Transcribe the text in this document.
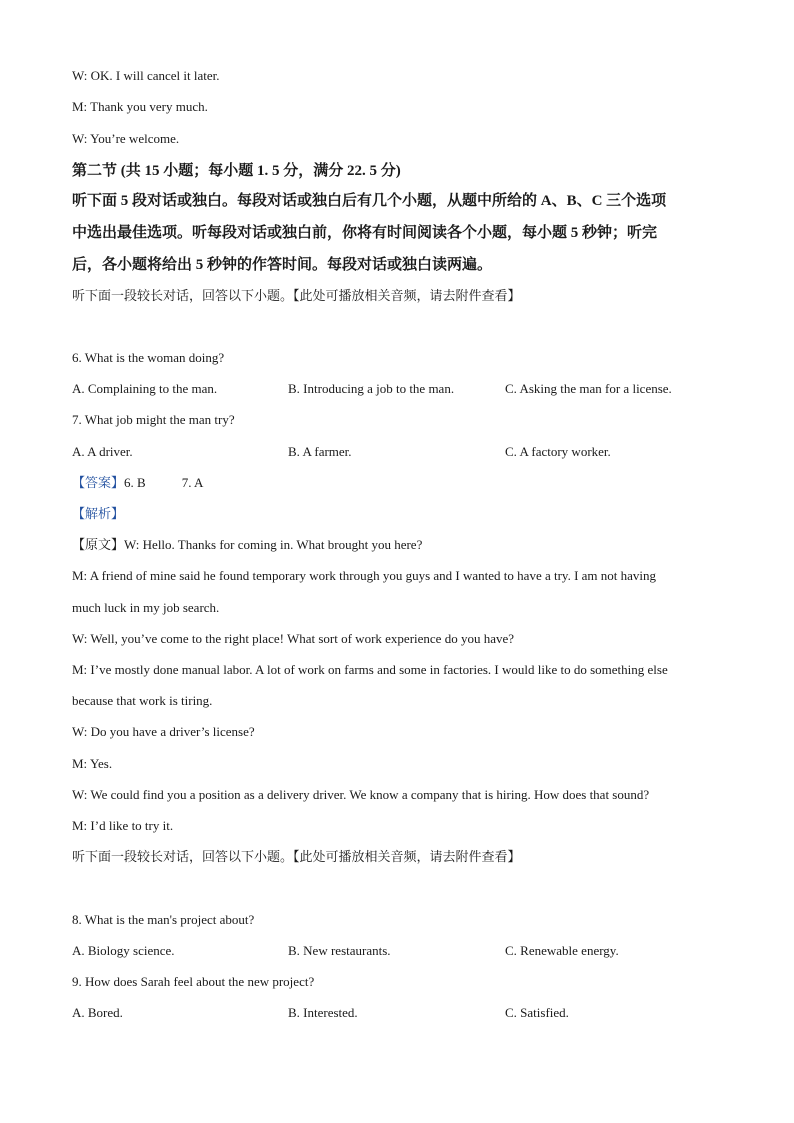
W: OK. I will cancel it later.
M: Thank you very much.
W: You’re welcome.
第二节 (共 15 小题；每小题 1. 5 分，满分 22. 5 分)
听下面 5 段对话或独白。每段对话或独白后有几个小题，从题中所给的 A、B、C 三个选项
中选出最佳选项。听每段对话或独白前，你将有时间阅读各个小题，每小题 5 秒钟；听完
后，各小题将给出 5 秒钟的作答时间。每段对话或独白读两遍。
听下面一段较长对话，回答以下小题。【此处可播放相关音频，请去附件查看】
6. What is the woman doing?
A. Complaining to the man.	B. Introducing a job to the man.	C. Asking the man for a license.
7. What job might the man try?
A. A driver.	B. A farmer.	C. A factory worker.
【答案】6. B	7. A
【解析】
【原文】W: Hello. Thanks for coming in. What brought you here?
M: A friend of mine said he found temporary work through you guys and I wanted to have a try. I am not having
much luck in my job search.
W: Well, you’ve come to the right place! What sort of work experience do you have?
M: I’ve mostly done manual labor. A lot of work on farms and some in factories. I would like to do something else
because that work is tiring.
W: Do you have a driver’s license?
M: Yes.
W: We could find you a position as a delivery driver. We know a company that is hiring. How does that sound?
M: I’d like to try it.
听下面一段较长对话，回答以下小题。【此处可播放相关音频，请去附件查看】
8. What is the man's project about?
A. Biology science.	B. New restaurants.	C. Renewable energy.
9. How does Sarah feel about the new project?
A. Bored.	B. Interested.	C. Satisfied.
